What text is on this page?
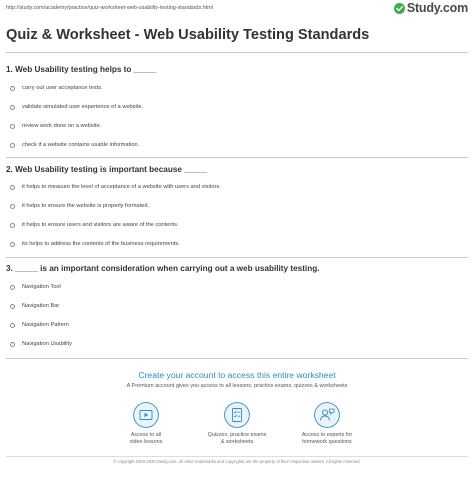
http://study.com/academy/practice/quiz-worksheet-web-usability-testing-standards.html	Study.com
Quiz & Worksheet - Web Usability Testing Standards
1. Web Usability testing helps to _____
carry out user acceptance tests.
validate simulated user experience of a website.
review work done on a website.
check if a website contains usable information.
2. Web Usability testing is important because _____
it helps to measure the level of acceptance of a website with users and visitors.
it helps to ensure the website is properly formated.
it helps to ensure users and visitors are aware of the contents.
its helps to address the contents of the business requirements.
3. _____ is an important consideration when carrying out a web usability testing.
Navigation Tool
Navigation Bar
Navigation Pattern
Navigation Usability
Create your account to access this entire worksheet
A Premium account gives you access to all lessons, practice exams, quizzes & worksheets
Access to all
video lessons
Quizzes, practice exams
& worksheets
Access to experts for
homework questions
© copyright 2003-2020 Study.com. All other trademarks and copyrights are the property of their respective owners. All rights reserved.
